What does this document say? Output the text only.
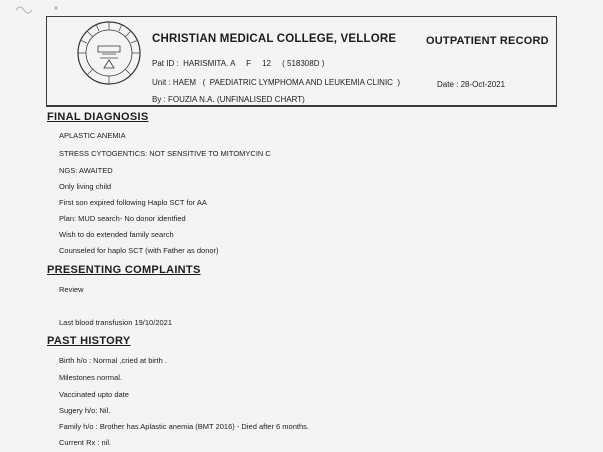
CHRISTIAN MEDICAL COLLEGE, VELLORE	OUTPATIENT RECORD
Pat ID :  HARISMITA. A     F     12     ( 518308D )
Unit : HAEM   (  PAEDIATRIC LYMPHOMA AND LEUKEMIA CLINIC  )	Date : 28-Oct-2021
By : FOUZIA N.A. (UNFINALISED CHART)
FINAL DIAGNOSIS
APLASTIC ANEMIA
STRESS CYTOGENTICS: NOT SENSITIVE TO MITOMYCIN C
NGS: AWAITED
Only living child
First son expired following Haplo SCT for AA
Plan: MUD search- No donor identfied
Wish to do extended family search
Counseled for haplo SCT (with Father as donor)
PRESENTING COMPLAINTS
Review
Last blood transfusion 19/10/2021
PAST HISTORY
Birth h/o : Normal ,cried at birth .
Milestones normal.
Vaccinated upto date
Sugery h/o: Nil.
Family h/o : Brother has Aplastic anemia (BMT 2016) - Died after 6 months.
Current Rx : nil.
